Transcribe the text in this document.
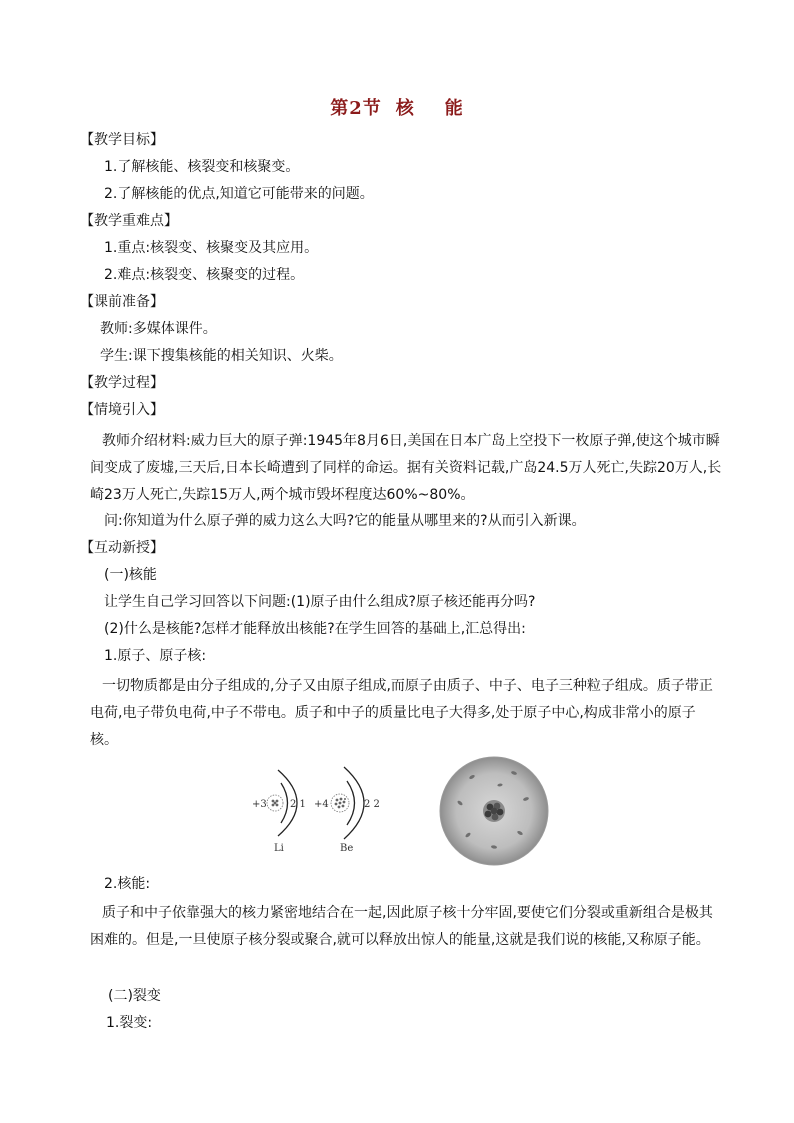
第2节 核 能
【教学目标】
1.了解核能、核裂变和核聚变。
2.了解核能的优点,知道它可能带来的问题。
【教学重难点】
1.重点:核裂变、核聚变及其应用。
2.难点:核裂变、核聚变的过程。
【课前准备】
教师:多媒体课件。
学生:课下搜集核能的相关知识、火柴。
【教学过程】
【情境引入】
教师介绍材料:威力巨大的原子弹:1945年8月6日,美国在日本广岛上空投下一枚原子弹,使这个城市瞬间变成了废墟,三天后,日本长崎遭到了同样的命运。据有关资料记载,广岛24.5万人死亡,失踪20万人,长崎23万人死亡,失踪15万人,两个城市毁坏程度达60%~80%。
问:你知道为什么原子弹的威力这么大吗?它的能量从哪里来的?从而引入新课。
【互动新授】
(一)核能
让学生自己学习回答以下问题:(1)原子由什么组成?原子核还能再分吗?
(2)什么是核能?怎样才能释放出核能?在学生回答的基础上,汇总得出:
1.原子、原子核:
一切物质都是由分子组成的,分子又由原子组成,而原子由质子、中子、电子三种粒子组成。质子带正电荷,电子带负电荷,中子不带电。质子和中子的质量比电子大得多,处于原子中心,构成非常小的原子核。
+3 2 1
Li
+4	2 2
Be
2.核能:
质子和中子依靠强大的核力紧密地结合在一起,因此原子核十分牢固,要使它们分裂或重新组合是极其困难的。但是,一旦使原子核分裂或聚合,就可以释放出惊人的能量,这就是我们说的核能,又称原子能。
(二)裂变
1.裂变:
